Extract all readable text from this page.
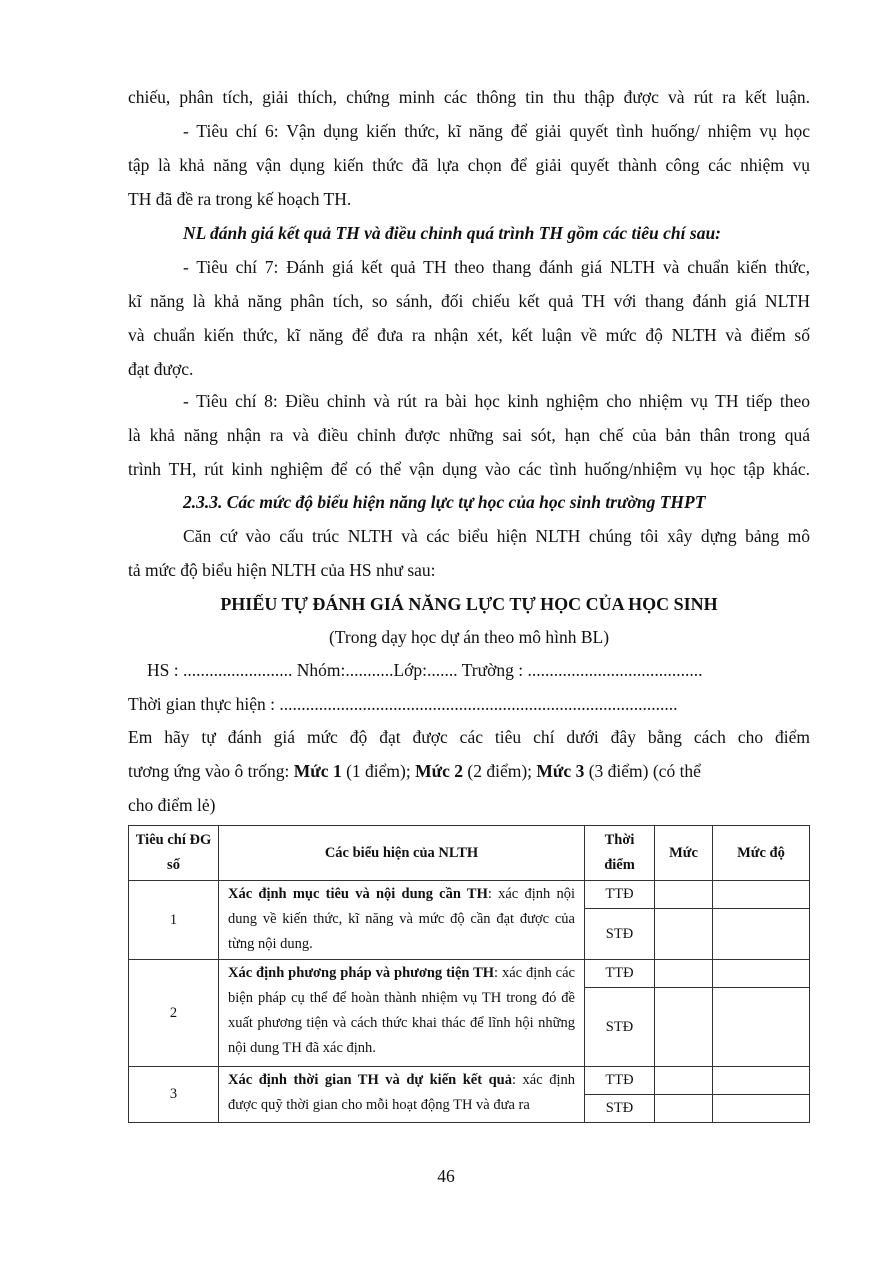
chiếu, phân tích, giải thích, chứng minh các thông tin thu thập được và rút ra kết luận.
- Tiêu chí 6: Vận dụng kiến thức, kĩ năng để giải quyết tình huống/ nhiệm vụ học
tập là khả năng vận dụng kiến thức đã lựa chọn để giải quyết thành công các nhiệm vụ
TH đã đề ra trong kế hoạch TH.
NL đánh giá kết quả TH và điều chỉnh quá trình TH gồm các tiêu chí sau:
- Tiêu chí 7: Đánh giá kết quả TH theo thang đánh giá NLTH và chuẩn kiến thức,
kĩ năng là khả năng phân tích, so sánh, đối chiếu kết quả TH với thang đánh giá NLTH
và chuẩn kiến thức, kĩ năng để đưa ra nhận xét, kết luận về mức độ NLTH và điểm số
đạt được.
- Tiêu chí 8: Điều chỉnh và rút ra bài học kinh nghiệm cho nhiệm vụ TH tiếp theo
là khả năng nhận ra và điều chỉnh được những sai sót, hạn chế của bản thân trong quá
trình TH, rút kinh nghiệm để có thể vận dụng vào các tình huống/nhiệm vụ học tập khác.
2.3.3. Các mức độ biểu hiện năng lực tự học của học sinh trường THPT
Căn cứ vào cấu trúc NLTH và các biểu hiện NLTH chúng tôi xây dựng bảng mô
tả mức độ biểu hiện NLTH của HS như sau:
PHIẾU TỰ ĐÁNH GIÁ NĂNG LỰC TỰ HỌC CỦA HỌC SINH
(Trong dạy học dự án theo mô hình BL)
HS : ......................... Nhóm:...........Lớp:....... Trường : ........................................
Thời gian thực hiện : ...........................................................................................
Em hãy tự đánh giá mức độ đạt được các tiêu chí dưới đây bằng cách cho điểm
tương ứng vào ô trống: Mức 1 (1 điểm); Mức 2 (2 điểm); Mức 3 (3 điểm) (có thể
cho điểm lẻ)
Tiêu chí ĐG số	Các biểu hiện của NLTH	Thời điểm	Mức	Mức độ
1	Xác định mục tiêu và nội dung cần TH: xác định nội dung về kiến thức, kĩ năng và mức độ cần đạt được của từng nội dung.	TTĐ		
		STĐ		
2	Xác định phương pháp và phương tiện TH: xác định các biện pháp cụ thể để hoàn thành nhiệm vụ TH trong đó đề xuất phương tiện và cách thức khai thác để lĩnh hội những nội dung TH đã xác định.	TTĐ		
		STĐ		
3	Xác định thời gian TH và dự kiến kết quả: xác định được quỹ thời gian cho mỗi hoạt động TH và đưa ra	TTĐ		
		STĐ		
46
